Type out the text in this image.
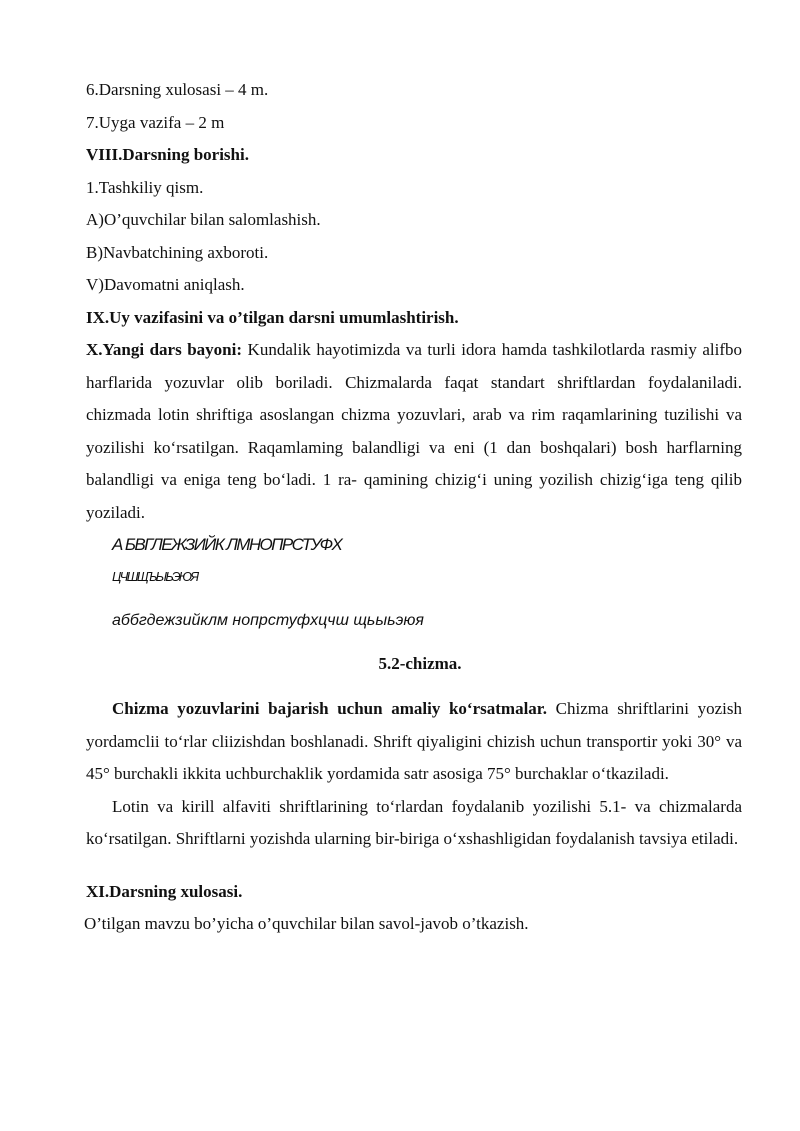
6.Darsning xulosasi – 4 m.
7.Uyga vazifa – 2 m
VIII.Darsning borishi.
1.Tashkiliy qism.
A)O’quvchilar bilan salomlashish.
B)Navbatchining axboroti.
V)Davomatni aniqlash.
IX.Uy vazifasini va o’tilgan darsni umumlashtirish.
X.Yangi dars bayoni: Kundalik hayotimizda va turli idora hamda tashkilotlarda rasmiy alifbo harflarida yozuvlar olib boriladi. Chizmalarda faqat standart shriftlardan foydalaniladi. chizmada lotin shriftiga asoslangan chizma yozuvlari, arab va rim raqamlarining tuzilishi va yozilishi ko‘rsatilgan. Raqamlaming balandligi va eni (1 dan boshqalari) bosh harflarning balandligi va eniga teng bo‘ladi. 1 ra- qamining chizig‘i uning yozilish chizig‘iga teng qilib yoziladi.
А БВГЛЕЖЗИЙК ЛМНОПРСТУФХ
ЦЧШЩЪЫЬЭЮЯ
аббгдежзийклм нопрстуфхцчш щьыьэюя
5.2-chizma.
Chizma yozuvlarini bajarish uchun amaliy ko‘rsatmalar. Chizma shriftlarini yozish yordamclii to‘rlar cliizishdan boshlanadi. Shrift qiyaligini chizish uchun transportir yoki 30° va 45° burchakli ikkita uchburchaklik yordamida satr asosiga 75° burchaklar o‘tkaziladi.
Lotin va kirill alfaviti shriftlarining to‘rlardan foydalanib yozilishi 5.1- va chizmalarda ko‘rsatilgan. Shriftlarni yozishda ularning bir-biriga o‘xshashligidan foydalanish tavsiya etiladi.
XI.Darsning xulosasi.
O’tilgan mavzu bo’yicha o’quvchilar bilan savol-javob o’tkazish.
